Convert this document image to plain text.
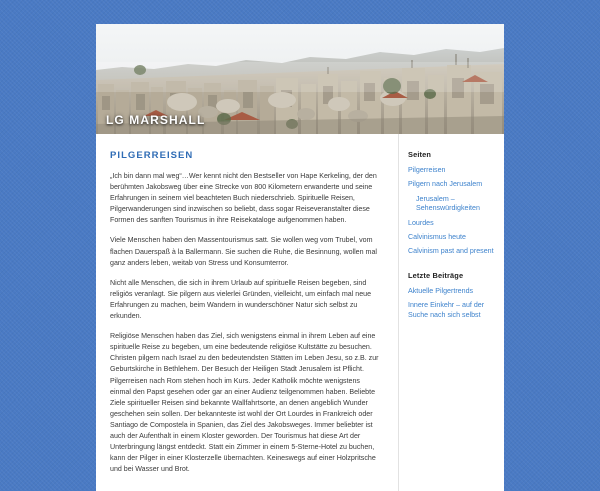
LG MARSHALL
PILGERREISEN

„Ich bin dann mal weg“…Wer kennt nicht den Bestseller von Hape Kerkeling, der den berühmten Jakobsweg über eine Strecke von 800 Kilometern erwanderte und seine Erfahrungen in seinem viel beachteten Buch niederschrieb. Spirituelle Reisen, Pilgerwanderungen sind inzwischen so beliebt, dass sogar Reiseveranstalter diese Formen des sanften Tourismus in ihre Reisekataloge aufgenommen haben.

Viele Menschen haben den Massentourismus satt. Sie wollen weg vom Trubel, vom flachen Dauerspaß à la Ballermann. Sie suchen die Ruhe, die Besinnung, wollen mal ganz anders leben, weitab von Stress und Konsumterror.

Nicht alle Menschen, die sich in ihrem Urlaub auf spirituelle Reisen begeben, sind religiös veranlagt. Sie pilgern aus vielerlei Gründen, vielleicht, um einfach mal neue Erfahrungen zu machen, beim Wandern in wunderschöner Natur sich selbst zu erkunden.

Religiöse Menschen haben das Ziel, sich wenigstens einmal in ihrem Leben auf eine spirituelle Reise zu begeben, um eine bedeutende religiöse Kultstätte zu besuchen. Christen pilgern nach Israel zu den bedeutendsten Stätten im Leben Jesu, so z.B. zur Geburtskirche in Bethlehem. Der Besuch der Heiligen Stadt Jerusalem ist Pflicht. Pilgerreisen nach Rom stehen hoch im Kurs. Jeder Katholik möchte wenigstens einmal den Papst gesehen oder gar an einer Audienz teilgenommen haben. Beliebte Ziele spiritueller Reisen sind bekannte Wallfahrtsorte, an denen angeblich Wunder geschehen sein sollen. Der bekannteste ist wohl der Ort Lourdes in Frankreich oder Santiago de Compostela in Spanien, das Ziel des Jakobsweges. Immer beliebter ist auch der Aufenthalt in einem Kloster geworden. Der Tourismus hat diese Art der Unterbringung längst entdeckt. Statt ein Zimmer in einem 5-Sterne-Hotel zu buchen, kann der Pilger in einer Klosterzelle übernachten. Keineswegs auf einer Holzpritsche und bei Wasser und Brot.

Seiten
Pilgerreisen
Pilgern nach Jerusalem
Jerusalem – Sehenswürdigkeiten
Lourdes
Calvinismus heute
Calvinism past and present
Letzte Beiträge
Aktuelle Pilgertrends
Innere Einkehr – auf der Suche nach sich selbst
